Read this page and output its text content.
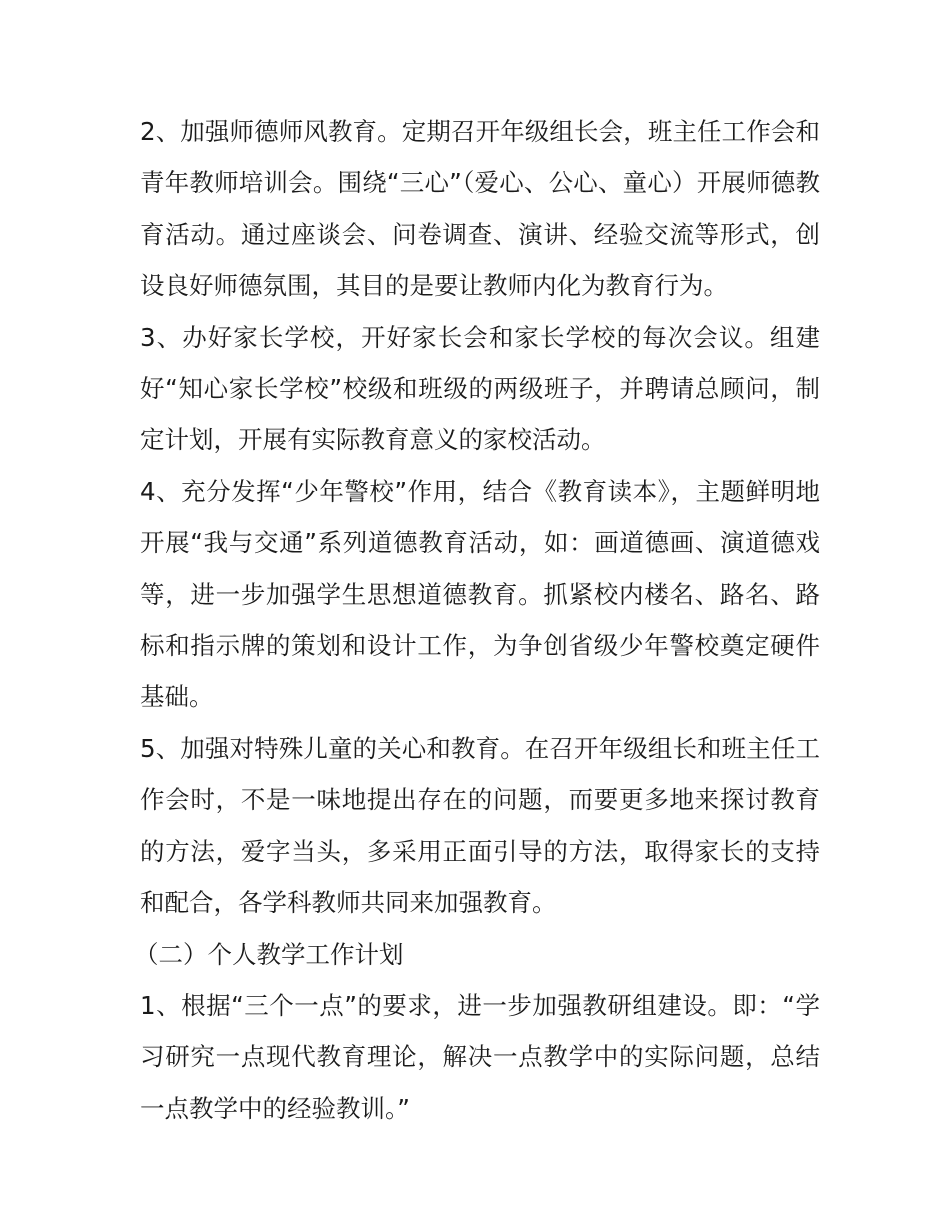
2、加强师德师风教育。定期召开年级组长会，班主任工作会和青年教师培训会。围绕“三心”（爱心、公心、童心）开展师德教育活动。通过座谈会、问卷调查、演讲、经验交流等形式，创设良好师德氛围，其目的是要让教师内化为教育行为。

3、办好家长学校，开好家长会和家长学校的每次会议。组建好“知心家长学校”校级和班级的两级班子，并聘请总顾问，制定计划，开展有实际教育意义的家校活动。

4、充分发挥“少年警校”作用，结合《教育读本》，主题鲜明地开展“我与交通”系列道德教育活动，如：画道德画、演道德戏等，进一步加强学生思想道德教育。抓紧校内楼名、路名、路标和指示牌的策划和设计工作，为争创省级少年警校奠定硬件基础。

5、加强对特殊儿童的关心和教育。在召开年级组长和班主任工作会时，不是一味地提出存在的问题，而要更多地来探讨教育的方法，爱字当头，多采用正面引导的方法，取得家长的支持和配合，各学科教师共同来加强教育。

（二）个人教学工作计划

1、根据“三个一点”的要求，进一步加强教研组建设。即：“学习研究一点现代教育理论，解决一点教学中的实际问题，总结一点教学中的经验教训。”
